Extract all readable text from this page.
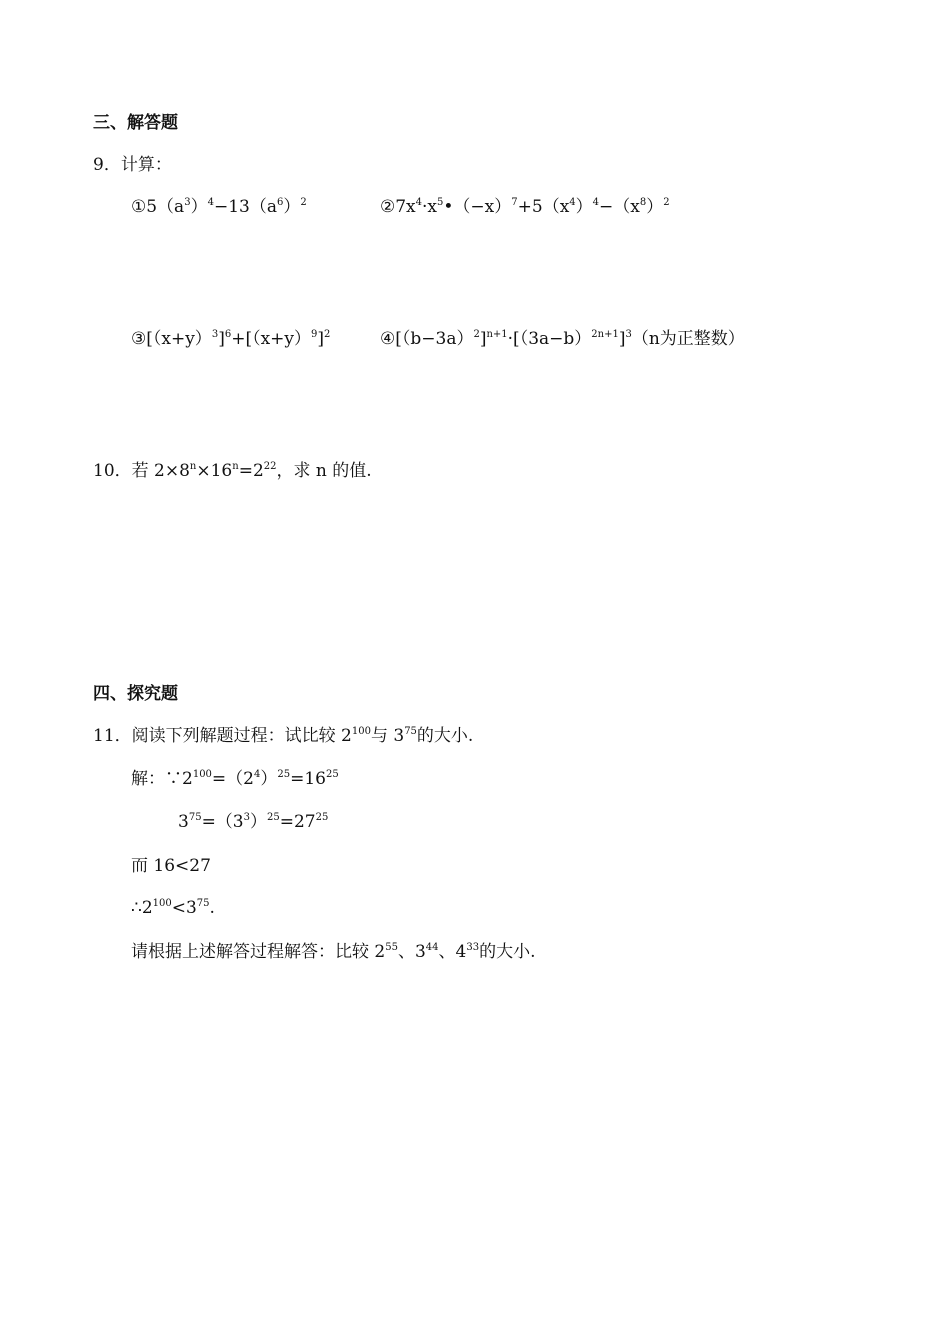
三、解答题
9．计算：
$①5(a^3)^4-13(a^6)^2$	$②7x^4\cdot x^5•(-x)^7+5(x^4)^4-(x^8)^2$
$③[(x+y)^3]^6+[(x+y)^9]^2$	$④[(b-3a)^2]^{n+1}\cdot[(3a-b)^{2n+1}]^3(n$为正整数）
10．若 $2\times 8^n\times 16^n=2^{22}$，求 n 的值.
四、探究题
11．阅读下列解题过程：试比较 $2^{100}$与 $3^{75}$的大小.
解：$\because 2^{100}=(2^4)^{25}=16^{25}$
$3^{75}=(3^3)^{25}=27^{25}$
而 16<27
$\therefore 2^{100}<3^{75}$.
请根据上述解答过程解答：比较 $2^{55}$、$3^{44}$、$4^{33}$的大小.
